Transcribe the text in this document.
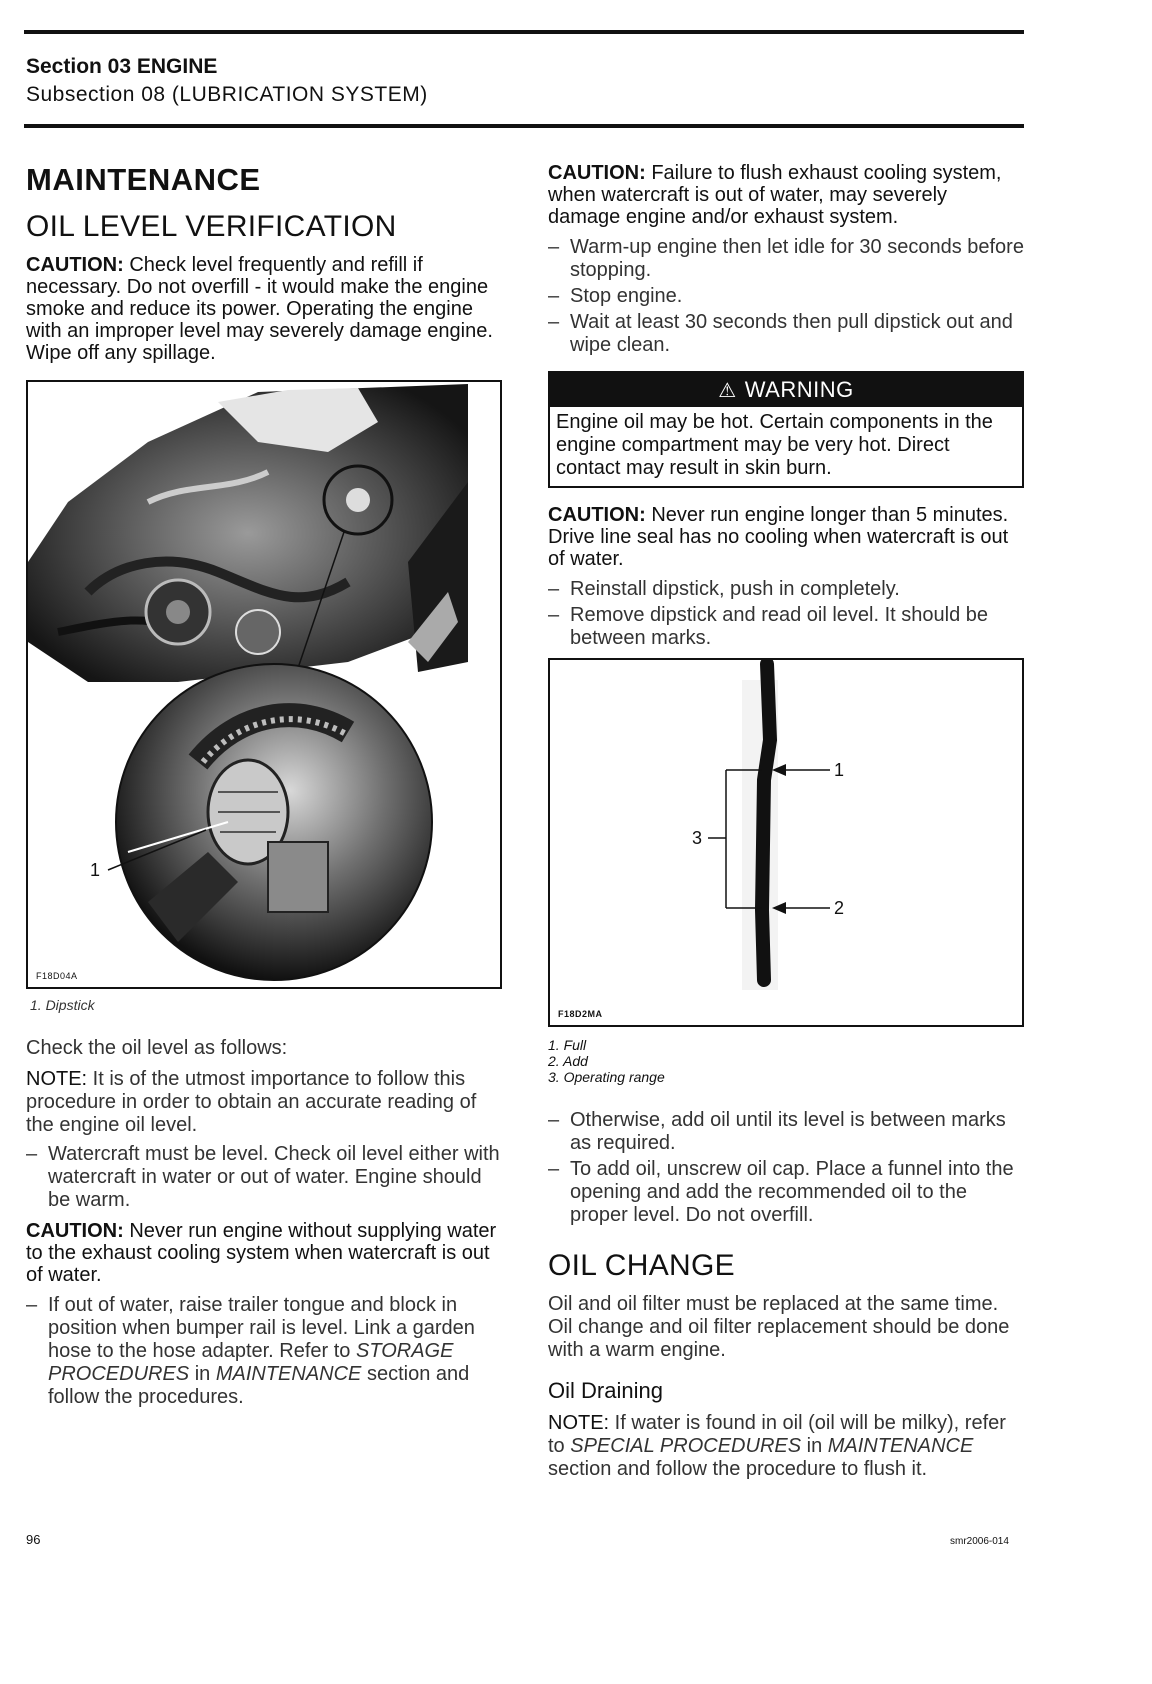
Section 03 ENGINE
Subsection 08 (LUBRICATION SYSTEM)
MAINTENANCE
OIL LEVEL VERIFICATION

CAUTION: Check level frequently and refill if necessary. Do not overfill - it would make the engine smoke and reduce its power. Operating the engine with an improper level may severely damage engine. Wipe off any spillage.

1
F18D04A
1. Dipstick

Check the oil level as follows:

NOTE: It is of the utmost importance to follow this procedure in order to obtain an accurate reading of the engine oil level.

– Watercraft must be level. Check oil level either with watercraft in water or out of water. Engine should be warm.

CAUTION: Never run engine without supplying water to the exhaust cooling system when watercraft is out of water.

– If out of water, raise trailer tongue and block in position when bumper rail is level. Link a garden hose to the hose adapter. Refer to STORAGE PROCEDURES in MAINTENANCE section and follow the procedures.

CAUTION: Failure to flush exhaust cooling system, when watercraft is out of water, may severely damage engine and/or exhaust system.

– Warm-up engine then let idle for 30 seconds before stopping.
– Stop engine.
– Wait at least 30 seconds then pull dipstick out and wipe clean.
⚠ WARNING
Engine oil may be hot. Certain components in the engine compartment may be very hot. Direct contact may result in skin burn.

CAUTION: Never run engine longer than 5 minutes. Drive line seal has no cooling when watercraft is out of water.

– Reinstall dipstick, push in completely.
– Remove dipstick and read oil level. It should be between marks.
1
2
3
F18D2MA
1. Full
2. Add
3. Operating range
– Otherwise, add oil until its level is between marks as required.
– To add oil, unscrew oil cap. Place a funnel into the opening and add the recommended oil to the proper level. Do not overfill.
OIL CHANGE

Oil and oil filter must be replaced at the same time. Oil change and oil filter replacement should be done with a warm engine.

Oil Draining

NOTE: If water is found in oil (oil will be milky), refer to SPECIAL PROCEDURES in MAINTENANCE section and follow the procedure to flush it.

96	smr2006-014
